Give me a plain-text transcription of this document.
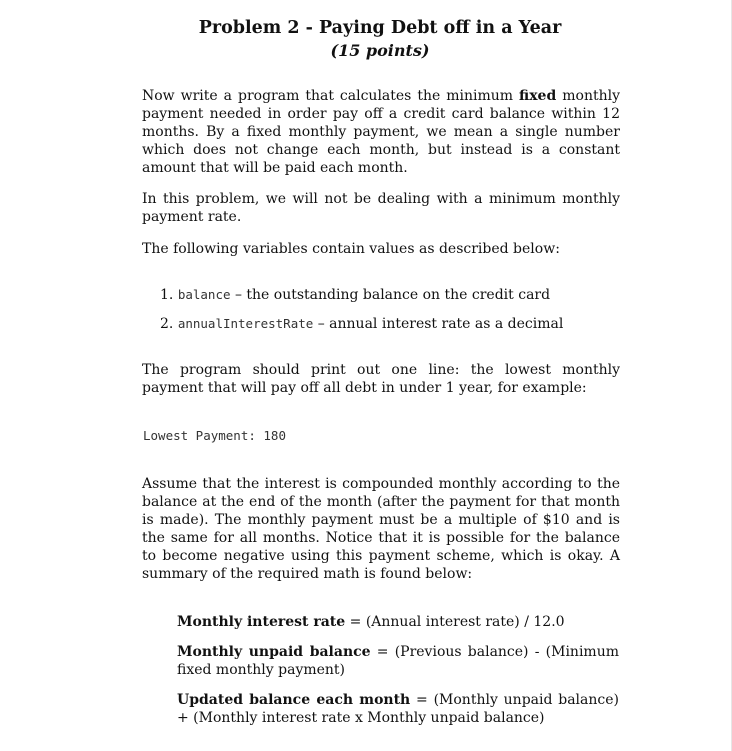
Problem 2 - Paying Debt off in a Year
(15 points)

Now write a program that calculates the minimum fixed monthly payment needed in order pay off a credit card balance within 12 months. By a fixed monthly payment, we mean a single number which does not change each month, but instead is a constant amount that will be paid each month.

In this problem, we will not be dealing with a minimum monthly payment rate.

The following variables contain values as described below:

1. balance – the outstanding balance on the credit card
2. annualInterestRate – annual interest rate as a decimal

The program should print out one line: the lowest monthly payment that will pay off all debt in under 1 year, for example:

Lowest Payment: 180

Assume that the interest is compounded monthly according to the balance at the end of the month (after the payment for that month is made). The monthly payment must be a multiple of $10 and is the same for all months. Notice that it is possible for the balance to become negative using this payment scheme, which is okay. A summary of the required math is found below:

Monthly interest rate = (Annual interest rate) / 12.0

Monthly unpaid balance = (Previous balance) - (Minimum fixed monthly payment)

Updated balance each month = (Monthly unpaid balance) + (Monthly interest rate x Monthly unpaid balance)
